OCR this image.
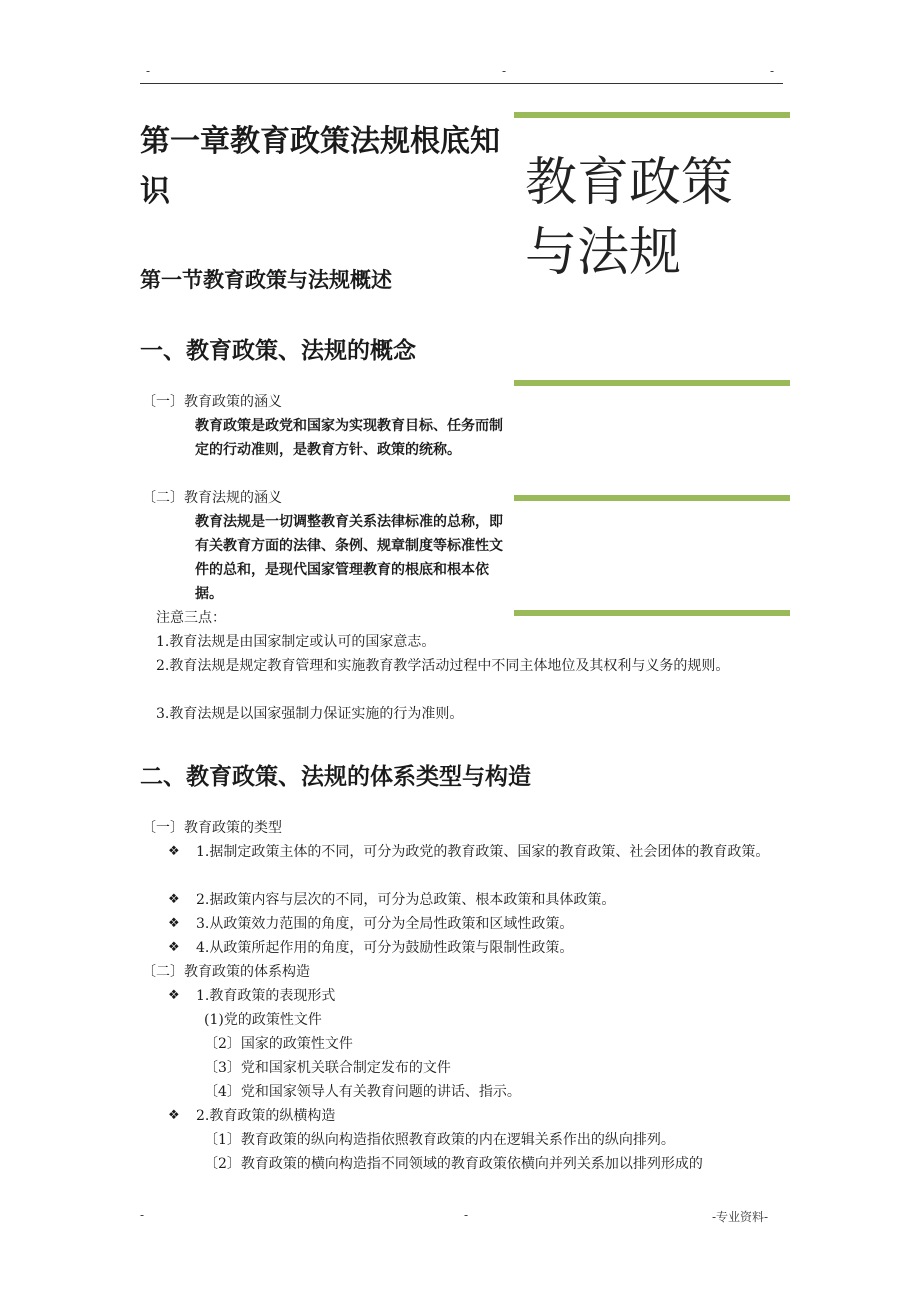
-	-	-
教育政策
与法规
第一章教育政策法规根底知识
第一节教育政策与法规概述
一、教育政策、法规的概念
〔一〕教育政策的涵义
教育政策是政党和国家为实现教育目标、任务而制定的行动准则，是教育方针、政策的统称。
〔二〕教育法规的涵义
教育法规是一切调整教育关系法律标准的总称，即有关教育方面的法律、条例、规章制度等标准性文件的总和，是现代国家管理教育的根底和根本依据。
注意三点：
1.教育法规是由国家制定或认可的国家意志。
2.教育法规是规定教育管理和实施教育教学活动过程中不同主体地位及其权利与义务的规则。
3.教育法规是以国家强制力保证实施的行为准则。
二、教育政策、法规的体系类型与构造
〔一〕教育政策的类型
❖ 1.据制定政策主体的不同，可分为政党的教育政策、国家的教育政策、社会团体的教育政策。
❖ 2.据政策内容与层次的不同，可分为总政策、根本政策和具体政策。
❖ 3.从政策效力范围的角度，可分为全局性政策和区域性政策。
❖ 4.从政策所起作用的角度，可分为鼓励性政策与限制性政策。
〔二〕教育政策的体系构造
❖ 1.教育政策的表现形式
(1)党的政策性文件
〔2〕国家的政策性文件
〔3〕党和国家机关联合制定发布的文件
〔4〕党和国家领导人有关教育问题的讲话、指示。
❖ 2.教育政策的纵横构造
〔1〕教育政策的纵向构造指依照教育政策的内在逻辑关系作出的纵向排列。
〔2〕教育政策的横向构造指不同领域的教育政策依横向并列关系加以排列形成的
-	-	-专业资料-
